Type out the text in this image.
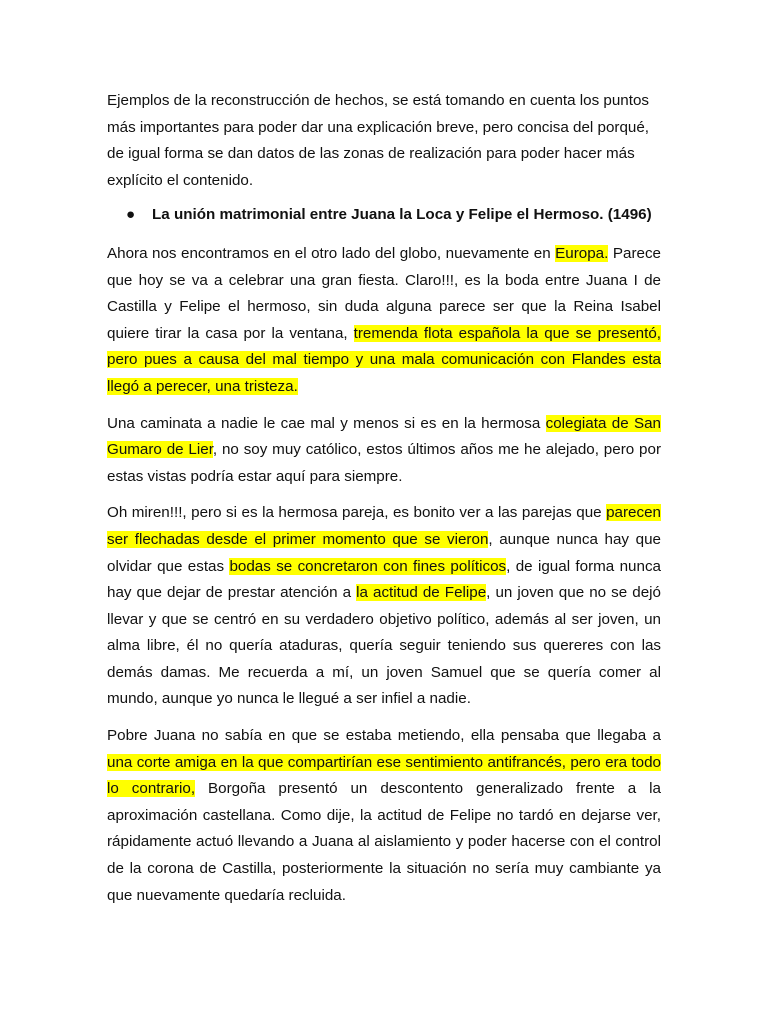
Ejemplos de la reconstrucción de hechos, se está tomando en cuenta los puntos más importantes para poder dar una explicación breve, pero concisa del porqué, de igual forma se dan datos de las zonas de realización para poder hacer más explícito el contenido.

● La unión matrimonial entre Juana la Loca y Felipe el Hermoso. (1496)

Ahora nos encontramos en el otro lado del globo, nuevamente en Europa. Parece que hoy se va a celebrar una gran fiesta. Claro!!!, es la boda entre Juana I de Castilla y Felipe el hermoso, sin duda alguna parece ser que la Reina Isabel quiere tirar la casa por la ventana, tremenda flota española la que se presentó, pero pues a causa del mal tiempo y una mala comunicación con Flandes esta llegó a perecer, una tristeza.

Una caminata a nadie le cae mal y menos si es en la hermosa colegiata de San Gumaro de Lier, no soy muy católico, estos últimos años me he alejado, pero por estas vistas podría estar aquí para siempre.

Oh miren!!!, pero si es la hermosa pareja, es bonito ver a las parejas que parecen ser flechadas desde el primer momento que se vieron, aunque nunca hay que olvidar que estas bodas se concretaron con fines políticos, de igual forma nunca hay que dejar de prestar atención a la actitud de Felipe, un joven que no se dejó llevar y que se centró en su verdadero objetivo político, además al ser joven, un alma libre, él no quería ataduras, quería seguir teniendo sus quereres con las demás damas. Me recuerda a mí, un joven Samuel que se quería comer al mundo, aunque yo nunca le llegué a ser infiel a nadie.

Pobre Juana no sabía en que se estaba metiendo, ella pensaba que llegaba a una corte amiga en la que compartirían ese sentimiento antifrancés, pero era todo lo contrario, Borgoña presentó un descontento generalizado frente a la aproximación castellana. Como dije, la actitud de Felipe no tardó en dejarse ver, rápidamente actuó llevando a Juana al aislamiento y poder hacerse con el control de la corona de Castilla, posteriormente la situación no sería muy cambiante ya que nuevamente quedaría recluida.
